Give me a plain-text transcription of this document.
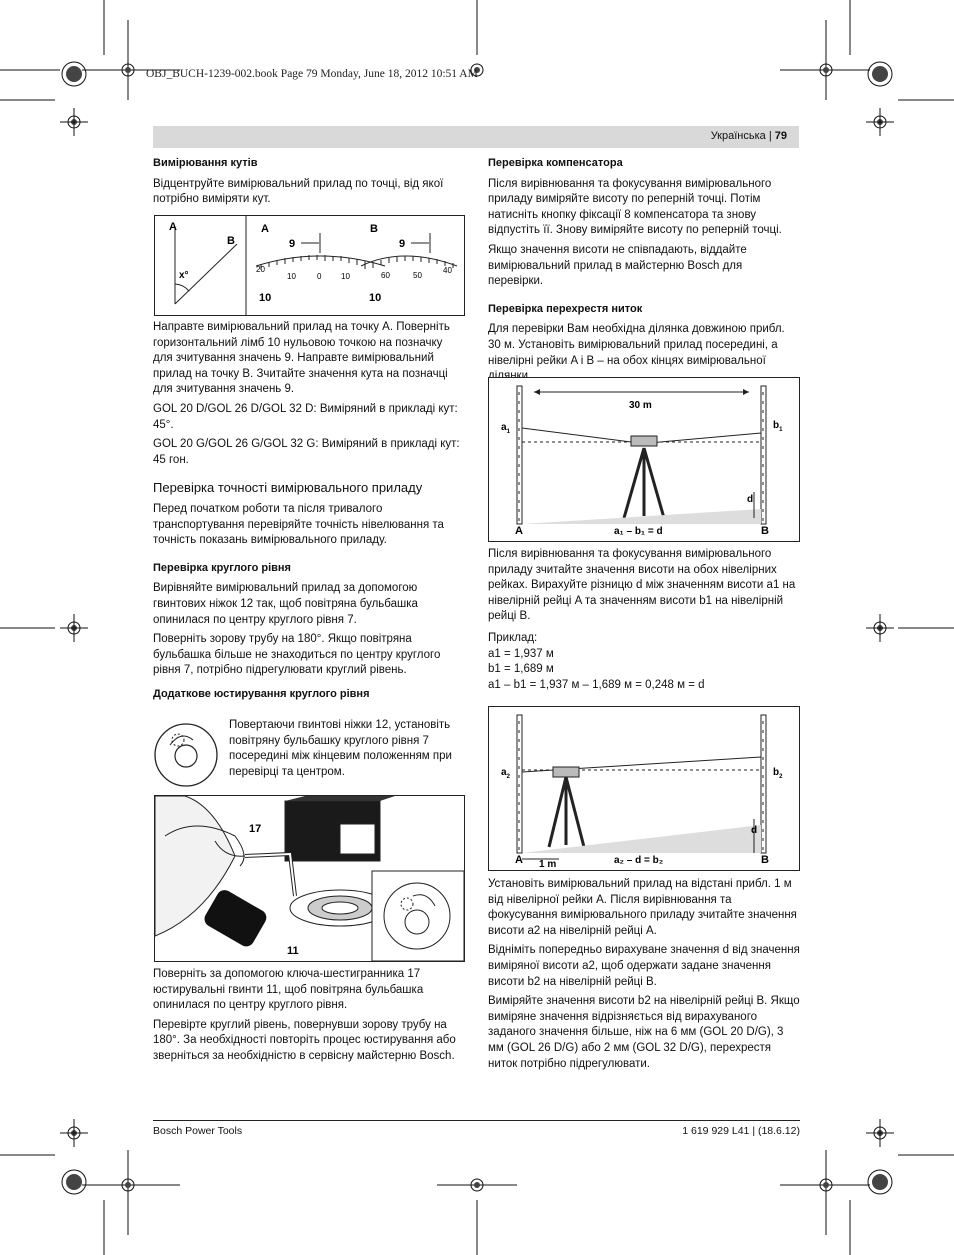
OBJ_BUCH-1239-002.book Page 79 Monday, June 18, 2012 10:51 AM
Українська | 79
Вимірювання кутів

Відцентруйте вимірювальний прилад по точці, від якої потрібно виміряти кут.

A
B
x°
A
9
20
10	0 10
10
B
9
60	50
40
10

Направте вимірювальний прилад на точку A. Поверніть горизонтальний лімб 10 нульовою точкою на позначку для зчитування значень 9. Направте вимірювальний прилад на точку B. Зчитайте значення кута на позначці для зчитування значень 9.

GOL 20 D/GOL 26 D/GOL 32 D: Виміряний в прикладі кут: 45°.

GOL 20 G/GOL 26 G/GOL 32 G: Виміряний в прикладі кут: 45 гон.

Перевірка точності вимірювального приладу

Перед початком роботи та після тривалого транспортування перевіряйте точність нівелювання та точність показань вимірювального приладу.

Перевірка круглого рівня

Вирівняйте вимірювальний прилад за допомогою гвинтових ніжок 12 так, щоб повітряна бульбашка опинилася по центру круглого рівня 7.

Поверніть зорову трубу на 180°. Якщо повітряна бульбашка більше не знаходиться по центру круглого рівня 7, потрібно підрегулювати круглий рівень.

Додаткове юстирування круглого рівня

Повертаючи гвинтові ніжки 12, установіть повітряну бульбашку круглого рівня 7 посередині між кінцевим положенням при перевірці та центром.

17
11

Поверніть за допомогою ключа-шестигранника 17 юстирувальні гвинти 11, щоб повітряна бульбашка опинилася по центру круглого рівня.

Перевірте круглий рівень, повернувши зорову трубу на 180°. За необхідності повторіть процес юстирування або зверніться за необхідністю в сервісну майстерню Bosch.

Перевірка компенсатора

Після вирівнювання та фокусування вимірювального приладу виміряйте висоту по реперній точці. Потім натисніть кнопку фіксації 8 компенсатора та знову відпустіть її. Знову виміряйте висоту по реперній точці.

Якщо значення висоти не співпадають, віддайте вимірювальний прилад в майстерню Bosch для перевірки.

Перевірка перехрестя ниток

Для перевірки Вам необхідна ділянка довжиною прибл. 30 м. Установіть вимірювальний прилад посередині, а нівелірні рейки A і B – на обох кінцях вимірювальної

30 m
$a_1$
$b_1$
d
A	B
a₁ – b₁ = d

Після вирівнювання та фокусування вимірювального приладу зчитайте значення висоти на обох нівелірних рейках. Вирахуйте різницю d між значенням висоти a1 на нівелірній рейці A та значенням висоти b1 на нівелірній рейці B.

Приклад:

a1 = 1,937 м

b1 = 1,689 м

a1 – b1 = 1,937 м – 1,689 м = 0,248 м = d

$a_2$	$b_2$
d
A	B
1 m	a₂ – d = b₂

Установіть вимірювальний прилад на відстані прибл. 1 м від нівелірної рейки A. Після вирівнювання та фокусування вимірювального приладу зчитайте значення висоти a2 на нівелірній рейці A.

Відніміть попередньо вирахуване значення d від значення виміряної висоти a2, щоб одержати задане значення висоти b2 на нівелірній рейці B.

Виміряйте значення висоти b2 на нівелірній рейці B. Якщо виміряне значення відрізняється від вирахуваного заданого значення більше, ніж на 6 мм (GOL 20 D/G), 3 мм (GOL 26 D/G) або 2 мм (GOL 32 D/G), перехрестя ниток потрібно підрегулювати.

Bosch Power Tools	1 619 929 L41 | (18.6.12)
